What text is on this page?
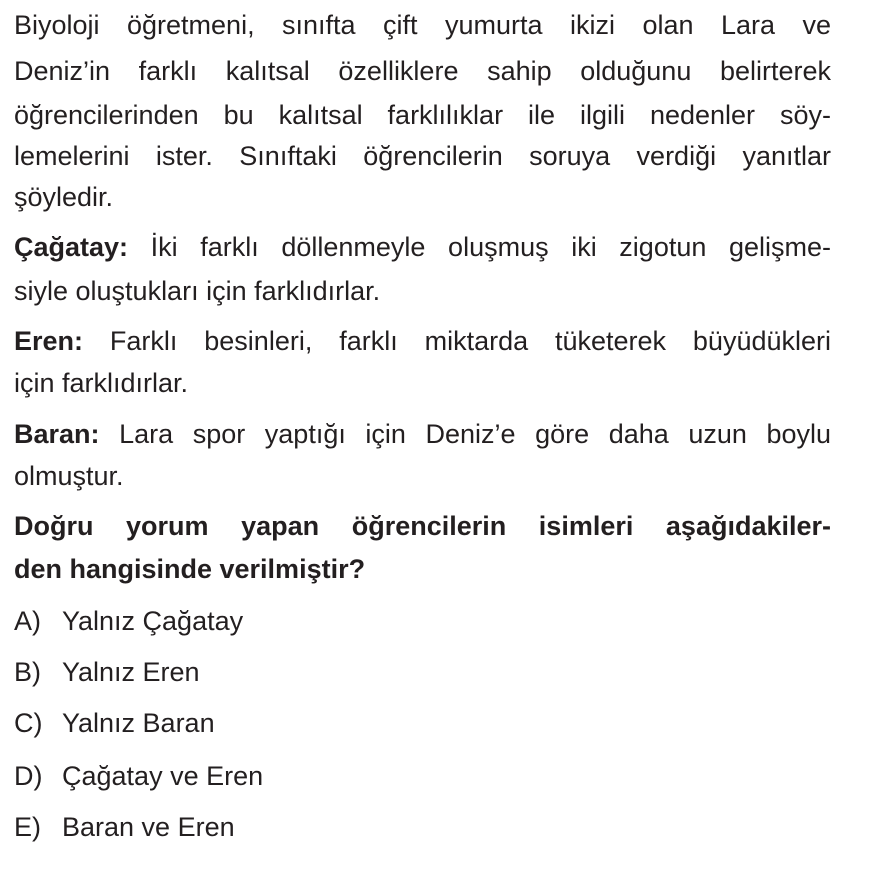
Biyoloji öğretmeni, sınıfta çift yumurta ikizi olan Lara ve
Deniz’in farklı kalıtsal özelliklere sahip olduğunu belirterek
öğrencilerinden bu kalıtsal farklılıklar ile ilgili nedenler söy-
lemelerini ister. Sınıftaki öğrencilerin soruya verdiği yanıtlar
şöyledir.
Çağatay: İki farklı döllenmeyle oluşmuş iki zigotun gelişme-
siyle oluştukları için farklıdırlar.
Eren: Farklı besinleri, farklı miktarda tüketerek büyüdükleri
için farklıdırlar.
Baran: Lara spor yaptığı için Deniz’e göre daha uzun boylu
olmuştur.
Doğru yorum yapan öğrencilerin isimleri aşağıdakiler-
den hangisinde verilmiştir?
A) Yalnız Çağatay
B) Yalnız Eren
C) Yalnız Baran
D) Çağatay ve Eren
E) Baran ve Eren
